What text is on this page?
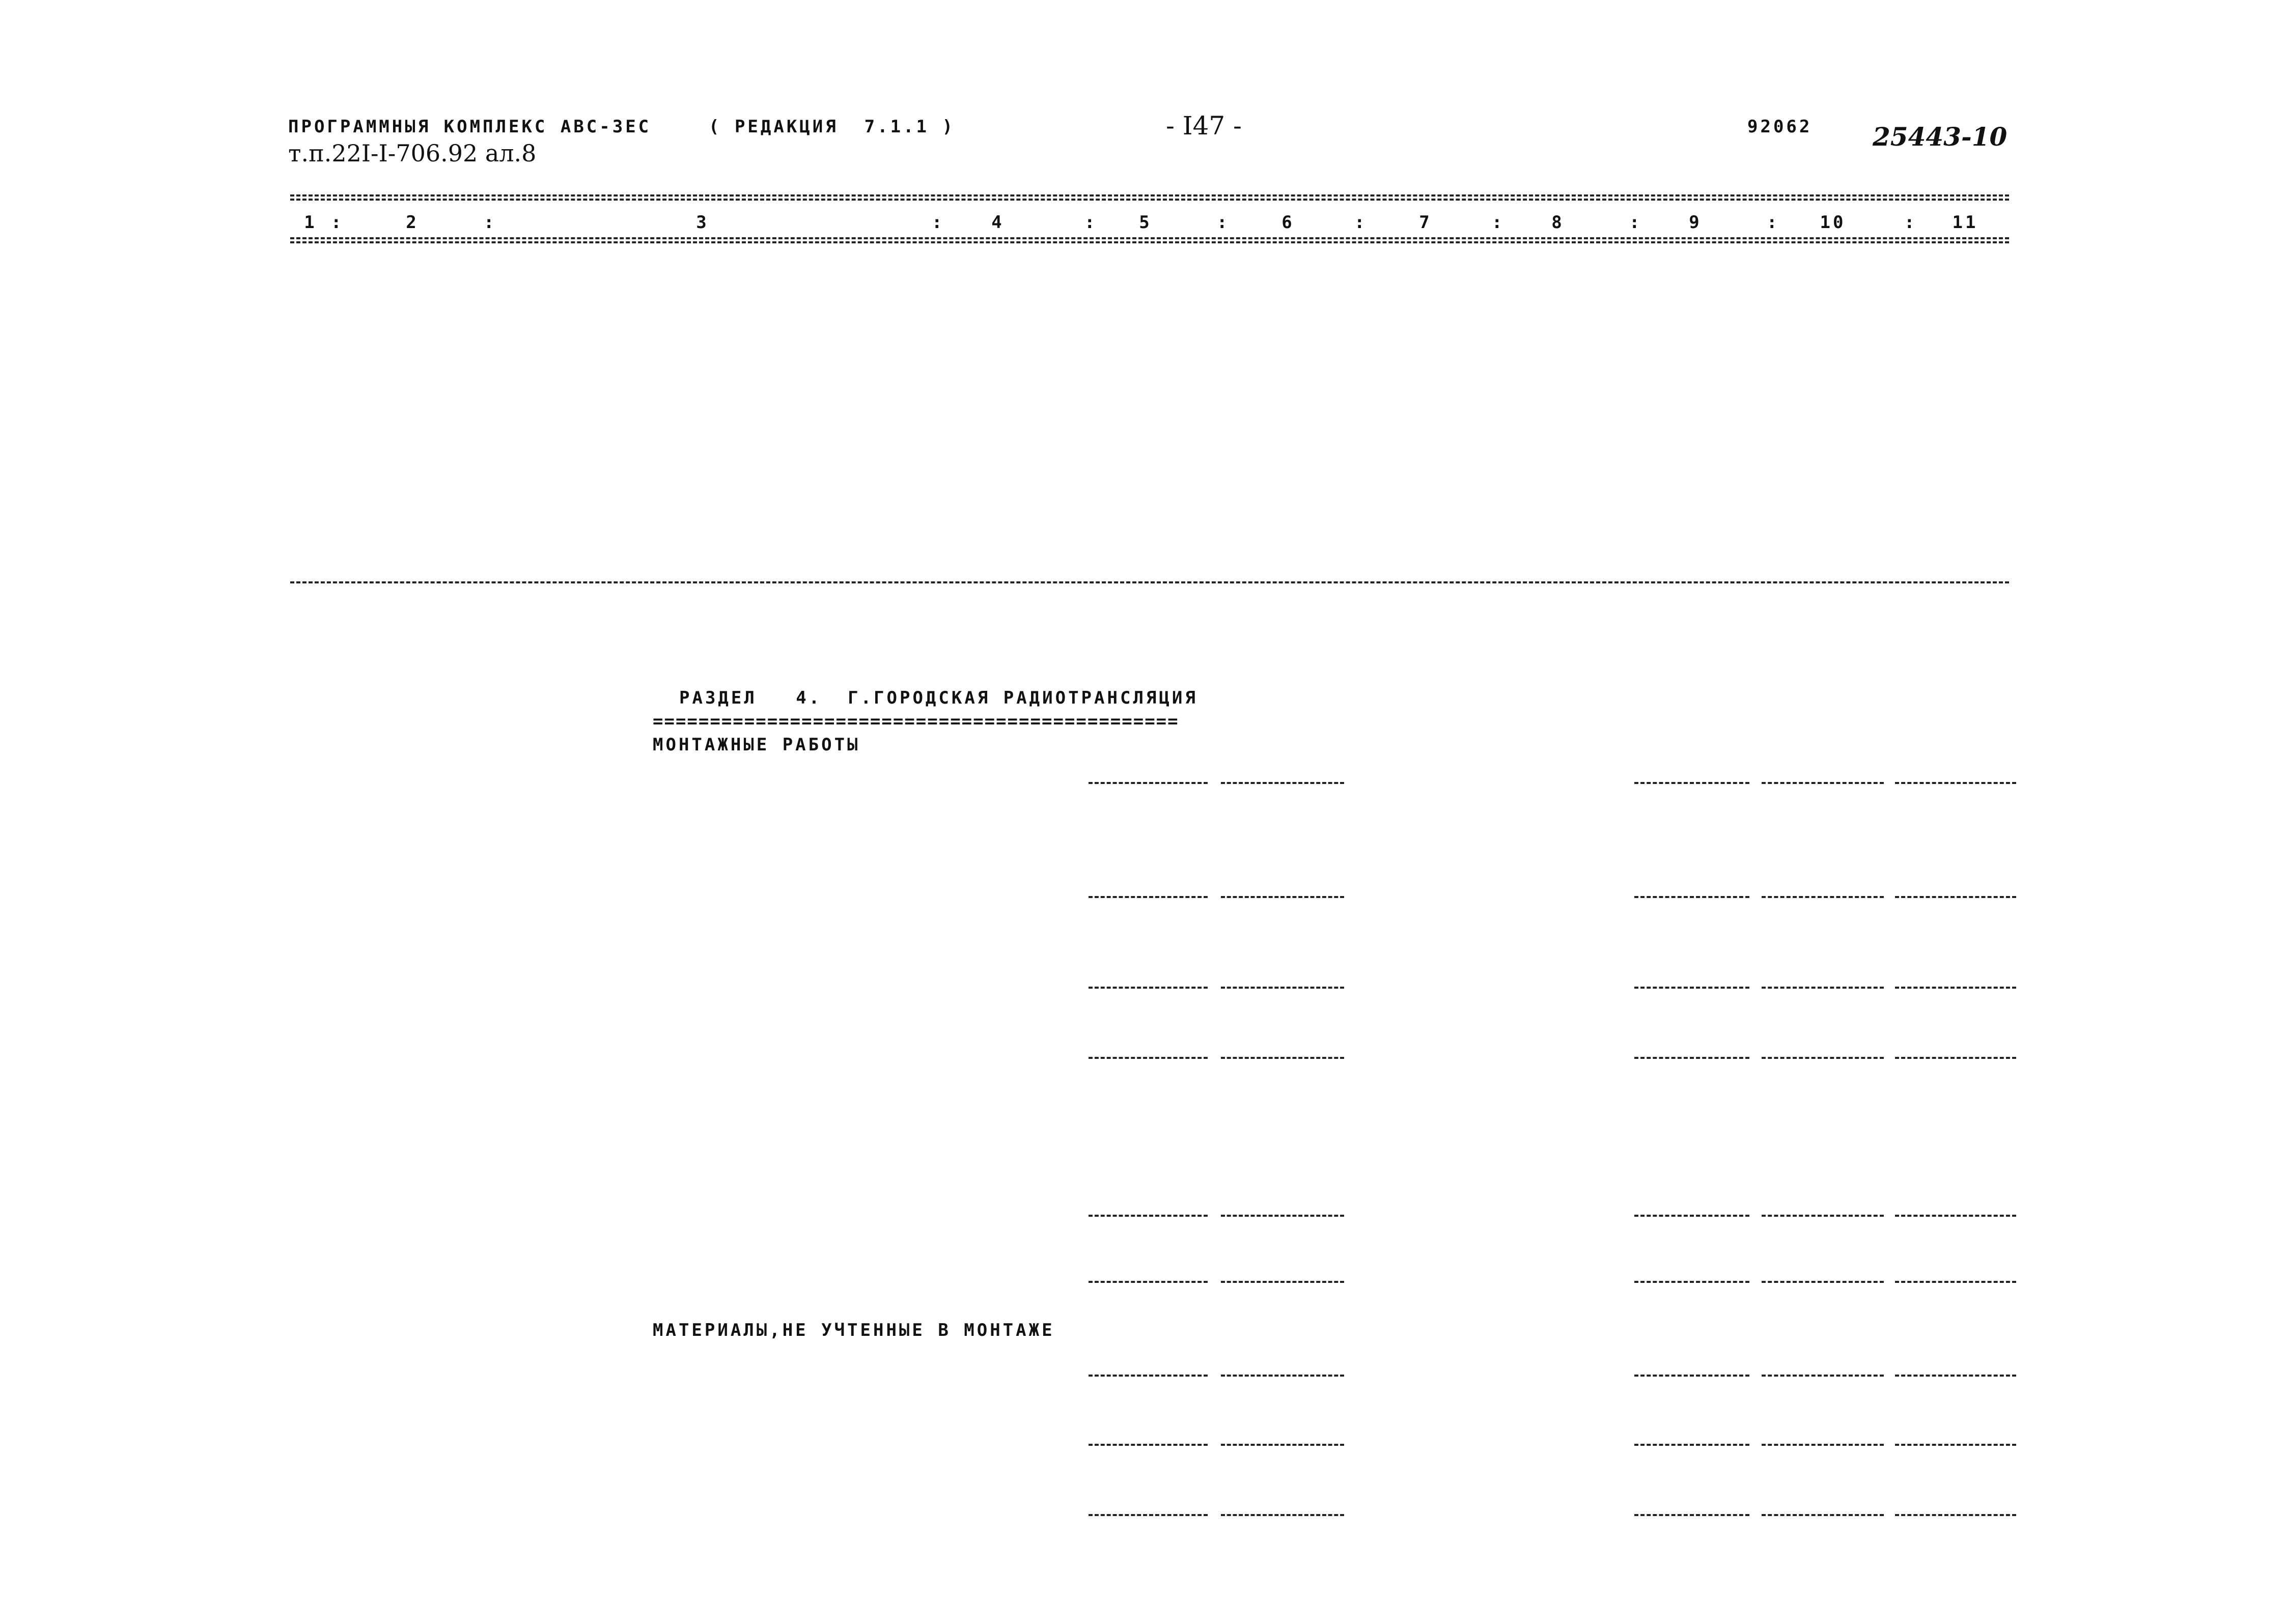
ПРОГРАММНЫЯ КОМПЛЕКС АВС-3ЕС	( РЕДАКЦИЯ  7.1.1 )	- I47 -	92062 25443-10
т.п.22I-I-706.92 ал.8
1	2	3	4	5	6	7	8	9	10	11
:	:	:	:	:	:	:	:	:	:
РАЗДЕЛ   4.  Г.ГОРОДСКАЯ РАДИОТРАНСЛЯЦИЯ
==============================================
МОНТАЖНЫЕ РАБОТЫ
МАТЕРИАЛЫ,НЕ УЧТЕННЫЕ В МОНТАЖЕ
